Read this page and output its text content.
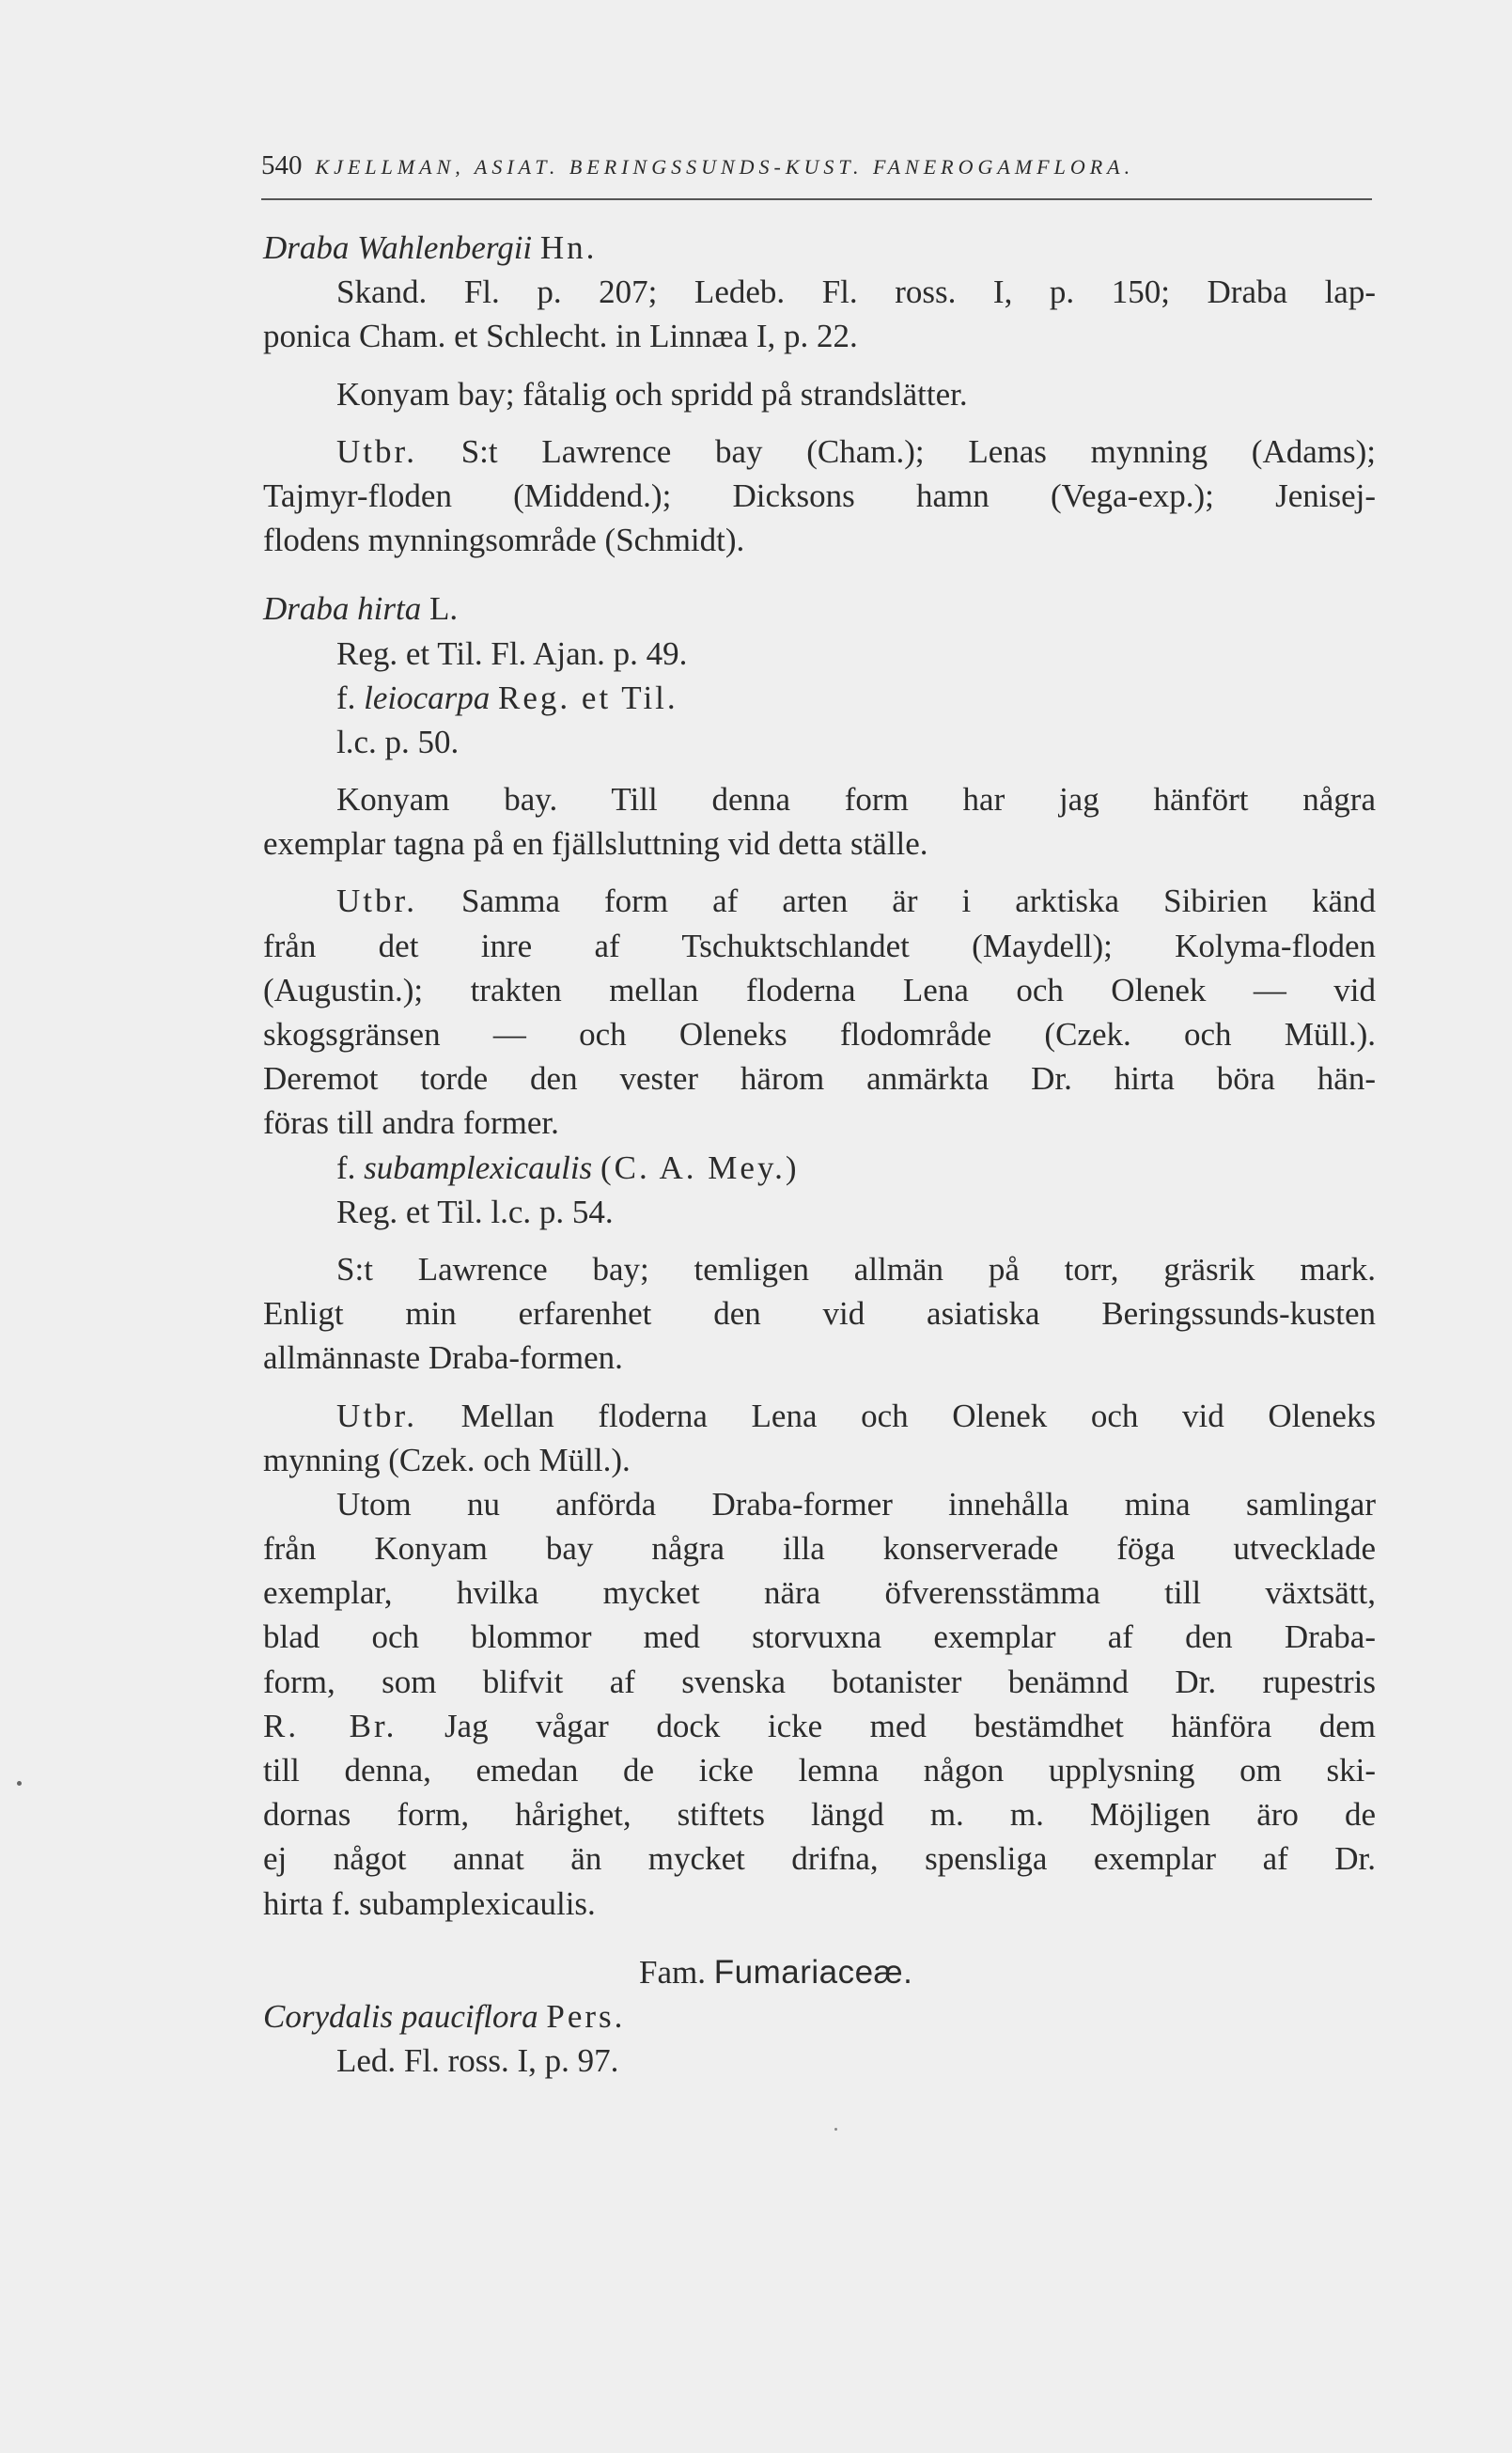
540 KJELLMAN, ASIAT. BERINGSSUNDS-KUST. FANEROGAMFLORA.
Draba Wahlenbergii Hn.
Skand. Fl. p. 207; Ledeb. Fl. ross. I, p. 150; Draba lap-
ponica Cham. et Schlecht. in Linnæa I, p. 22.
Konyam bay; fåtalig och spridd på strandslätter.
Utbr. S:t Lawrence bay (Cham.); Lenas mynning (Adams);
Tajmyr-floden (Middend.); Dicksons hamn (Vega-exp.); Jenisej-
flodens mynningsområde (Schmidt).
Draba hirta L.
Reg. et Til. Fl. Ajan. p. 49.
f. leiocarpa Reg. et Til.
l.c. p. 50.
Konyam bay. Till denna form har jag hänfört några
exemplar tagna på en fjällsluttning vid detta ställe.
Utbr. Samma form af arten är i arktiska Sibirien känd
från det inre af Tschuktschlandet (Maydell); Kolyma-floden
(Augustin.); trakten mellan floderna Lena och Olenek — vid
skogsgränsen — och Oleneks flodområde (Czek. och Müll.).
Deremot torde den vester härom anmärkta Dr. hirta böra hän-
föras till andra former.
f. subamplexicaulis (C. A. Mey.)
Reg. et Til. l.c. p. 54.
S:t Lawrence bay; temligen allmän på torr, gräsrik mark.
Enligt min erfarenhet den vid asiatiska Beringssunds-kusten
allmännaste Draba-formen.
Utbr. Mellan floderna Lena och Olenek och vid Oleneks
mynning (Czek. och Müll.).
Utom nu anförda Draba-former innehålla mina samlingar
från Konyam bay några illa konserverade föga utvecklade
exemplar, hvilka mycket nära öfverensstämma till växtsätt,
blad och blommor med storvuxna exemplar af den Draba-
form, som blifvit af svenska botanister benämnd Dr. rupestris
R. Br. Jag vågar dock icke med bestämdhet hänföra dem
till denna, emedan de icke lemna någon upplysning om ski-
dornas form, hårighet, stiftets längd m. m. Möjligen äro de
ej något annat än mycket drifna, spensliga exemplar af Dr.
hirta f. subamplexicaulis.
Fam. Fumariaceæ.
Corydalis pauciflora Pers.
Led. Fl. ross. I, p. 97.
